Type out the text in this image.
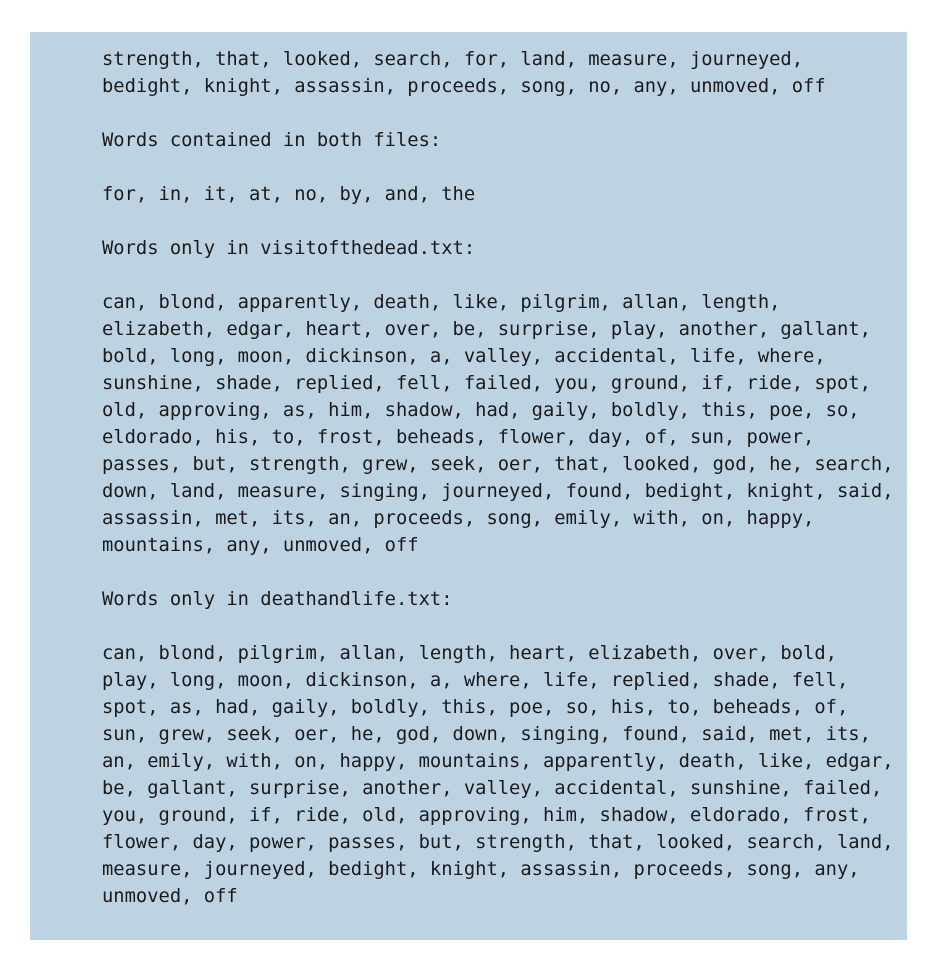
strength, that, looked, search, for, land, measure, journeyed,
bedight, knight, assassin, proceeds, song, no, any, unmoved, off
Words contained in both files:
for, in, it, at, no, by, and, the
Words only in visitofthedead.txt:
can, blond, apparently, death, like, pilgrim, allan, length,
elizabeth, edgar, heart, over, be, surprise, play, another, gallant,
bold, long, moon, dickinson, a, valley, accidental, life, where,
sunshine, shade, replied, fell, failed, you, ground, if, ride, spot,
old, approving, as, him, shadow, had, gaily, boldly, this, poe, so,
eldorado, his, to, frost, beheads, flower, day, of, sun, power,
passes, but, strength, grew, seek, oer, that, looked, god, he, search,
down, land, measure, singing, journeyed, found, bedight, knight, said,
assassin, met, its, an, proceeds, song, emily, with, on, happy,
mountains, any, unmoved, off
Words only in deathandlife.txt:
can, blond, pilgrim, allan, length, heart, elizabeth, over, bold,
play, long, moon, dickinson, a, where, life, replied, shade, fell,
spot, as, had, gaily, boldly, this, poe, so, his, to, beheads, of,
sun, grew, seek, oer, he, god, down, singing, found, said, met, its,
an, emily, with, on, happy, mountains, apparently, death, like, edgar,
be, gallant, surprise, another, valley, accidental, sunshine, failed,
you, ground, if, ride, old, approving, him, shadow, eldorado, frost,
flower, day, power, passes, but, strength, that, looked, search, land,
measure, journeyed, bedight, knight, assassin, proceeds, song, any,
unmoved, off
